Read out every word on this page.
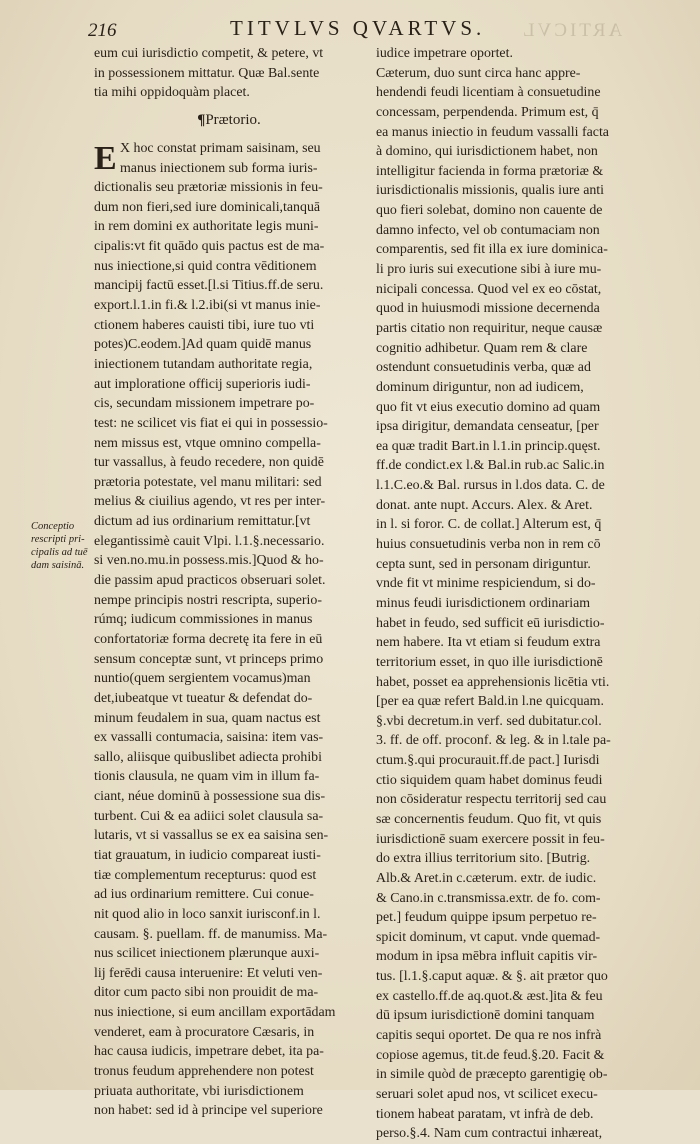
216	TITVLVS QVARTVS. ARTICVL
Conceptio
rescripti pri-
cipalis ad tuē
dam saisinā.
eum cui iurisdictio competit, & petere, vt
in possessionem mittatur. Quæ Bal.sente
tia mihi oppidoquàm placet.
¶Prætorio.
E X hoc constat primam saisinam, seu
manus iniectionem sub forma iuris-
dictionalis seu prætoriæ missionis in feu-
dum non fieri,sed iure dominicali,tanquā
in rem domini ex authoritate legis muni-
cipalis:vt fit quādo quis pactus est de ma-
nus iniectione,si quid contra vēditionem
mancipij factū esset.[l.si Titius.ff.de seru.
export.l.1.in fi.& l.2.ibi(si vt manus inie-
ctionem haberes cauisti tibi, iure tuo vti
potes)C.eodem.]Ad quam quidē manus
iniectionem tutandam authoritate regia,
aut imploratione officij superioris iudi-
cis, secundam missionem impetrare po-
test: ne scilicet vis fiat ei qui in possessio-
nem missus est, vtque omnino compella-
tur vassallus, à feudo recedere, non quidē
prætoria potestate, vel manu militari: sed
melius & ciuilius agendo, vt res per inter-
dictum ad ius ordinarium remittatur.[vt
elegantissimè cauit Vlpi. l.1.§.necessario.
si ven.no.mu.in possess.mis.]Quod & ho-
die passim apud practicos obseruari solet.
nempe principis nostri rescripta, superio-
rúmq; iudicum commissiones in manus
confortatoriæ forma decretę ita fere in eū
sensum conceptæ sunt, vt princeps primo
nuntio(quem sergientem vocamus)man
det,iubeatque vt tueatur & defendat do-
minum feudalem in sua, quam nactus est
ex vassalli contumacia, saisina: item vas-
sallo, aliisque quibuslibet adiecta prohibi
tionis clausula, ne quam vim in illum fa-
ciant, néue dominū à possessione sua dis-
turbent. Cui & ea adiici solet clausula sa-
lutaris, vt si vassallus se ex ea saisina sen-
tiat grauatum, in iudicio compareat iusti-
tiæ complementum recepturus: quod est
ad ius ordinarium remittere. Cui conue-
nit quod alio in loco sanxit iurisconf.in l.
causam. §. puellam. ff. de manumiss. Ma-
nus scilicet iniectionem plærunque auxi-
lij ferēdi causa interuenire: Et veluti ven-
ditor cum pacto sibi non prouidit de ma-
nus iniectione, si eum ancillam exportādam
venderet, eam à procuratore Cæsaris, in
hac causa iudicis, impetrare debet, ita pa-
tronus feudum apprehendere non potest
priuata authoritate, vbi iurisdictionem
non habet: sed id à principe vel superiore
iudice impetrare oportet.
Cæterum, duo sunt circa hanc appre-
hendendi feudi licentiam à consuetudine
concessam, perpendenda. Primum est, q̄
ea manus iniectio in feudum vassalli facta
à domino, qui iurisdictionem habet, non
intelligitur facienda in forma prætoriæ &
iurisdictionalis missionis, qualis iure anti
quo fieri solebat, domino non cauente de
damno infecto, vel ob contumaciam non
comparentis, sed fit illa ex iure dominica-
li pro iuris sui executione sibi à iure mu-
nicipali concessa. Quod vel ex eo cōstat,
quod in huiusmodi missione decernenda
partis citatio non requiritur, neque causæ
cognitio adhibetur. Quam rem & clare
ostendunt consuetudinis verba, quæ ad
dominum diriguntur, non ad iudicem,
quo fit vt eius executio domino ad quam
ipsa dirigitur, demandata censeatur, [per
ea quæ tradit Bart.in l.1.in princip.quęst.
ff.de condict.ex l.& Bal.in rub.ac Salic.in
l.1.C.eo.& Bal. rursus in l.dos data. C. de
donat. ante nupt. Accurs. Alex. & Aret.
in l. si foror. C. de collat.] Alterum est, q̄
huius consuetudinis verba non in rem cō
cepta sunt, sed in personam diriguntur.
vnde fit vt minime respiciendum, si do-
minus feudi iurisdictionem ordinariam
habet in feudo, sed sufficit eū iurisdictio-
nem habere. Ita vt etiam si feudum extra
territorium esset, in quo ille iurisdictionē
habet, posset ea apprehensionis licētia vti.
[per ea quæ refert Bald.in l.ne quicquam.
§.vbi decretum.in verf. sed dubitatur.col.
3. ff. de off. proconf. & leg. & in l.tale pa-
ctum.§.qui procurauit.ff.de pact.] Iurisdi
ctio siquidem quam habet dominus feudi
non cōsideratur respectu territorij sed cau
sæ concernentis feudum. Quo fit, vt quis
iurisdictionē suam exercere possit in feu-
do extra illius territorium sito. [Butrig.
Alb.& Aret.in c.cæterum. extr. de iudic.
& Cano.in c.transmissa.extr. de fo. com-
pet.] feudum quippe ipsum perpetuo re-
spicit dominum, vt caput. vnde quemad-
modum in ipsa mēbra influit capitis vir-
tus. [l.1.§.caput aquæ. & §. ait prætor quo
ex castello.ff.de aq.quot.& æst.]ita & feu
dū ipsum iurisdictionē domini tanquam
capitis sequi oportet. De qua re nos infrà
copiose agemus, tit.de feud.§.20. Facit &
in simile quòd de præcepto garentigię ob-
seruari solet apud nos, vt scilicet execu-
tionem habeat paratam, vt infrà de deb.
perso.§.4. Nam cum contractui inhæreat,
